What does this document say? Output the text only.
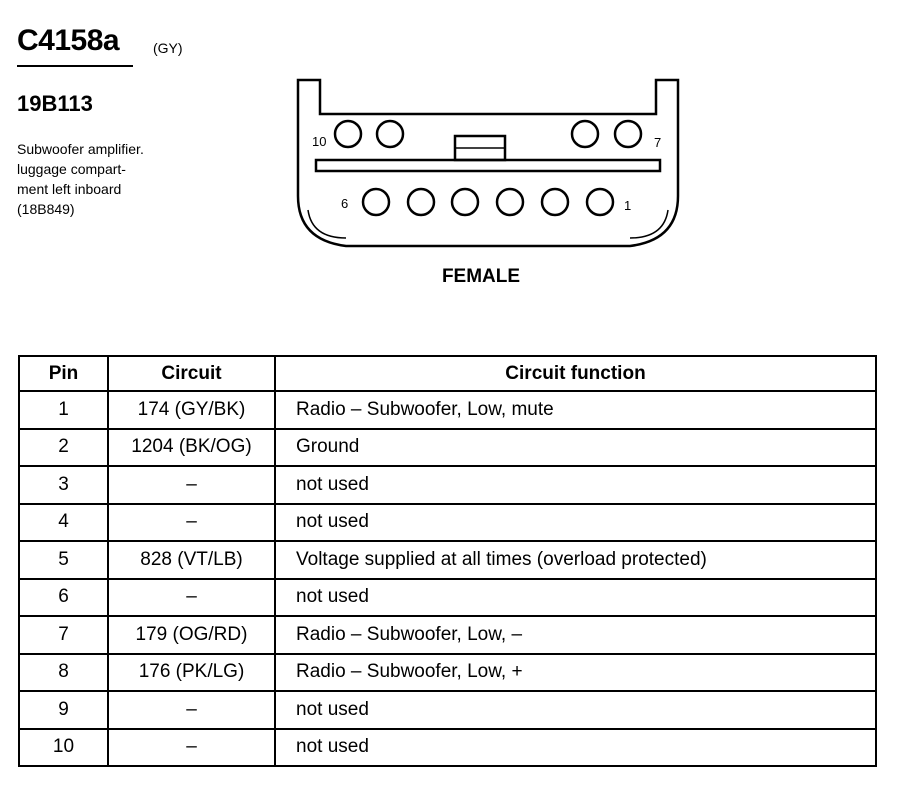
C4158a (GY)
19B113
Subwoofer amplifier.
luggage compart-
ment left inboard
(18B849)
10	7
6	1
FEMALE
Pin	Circuit	Circuit function
1	174 (GY/BK)	Radio – Subwoofer, Low, mute
2	1204 (BK/OG)	Ground
3	–	not used
4	–	not used
5	828 (VT/LB)	Voltage supplied at all times (overload protected)
6	–	not used
7	179 (OG/RD)	Radio – Subwoofer, Low, –
8	176 (PK/LG)	Radio – Subwoofer, Low, +
9	–	not used
10	–	not used
